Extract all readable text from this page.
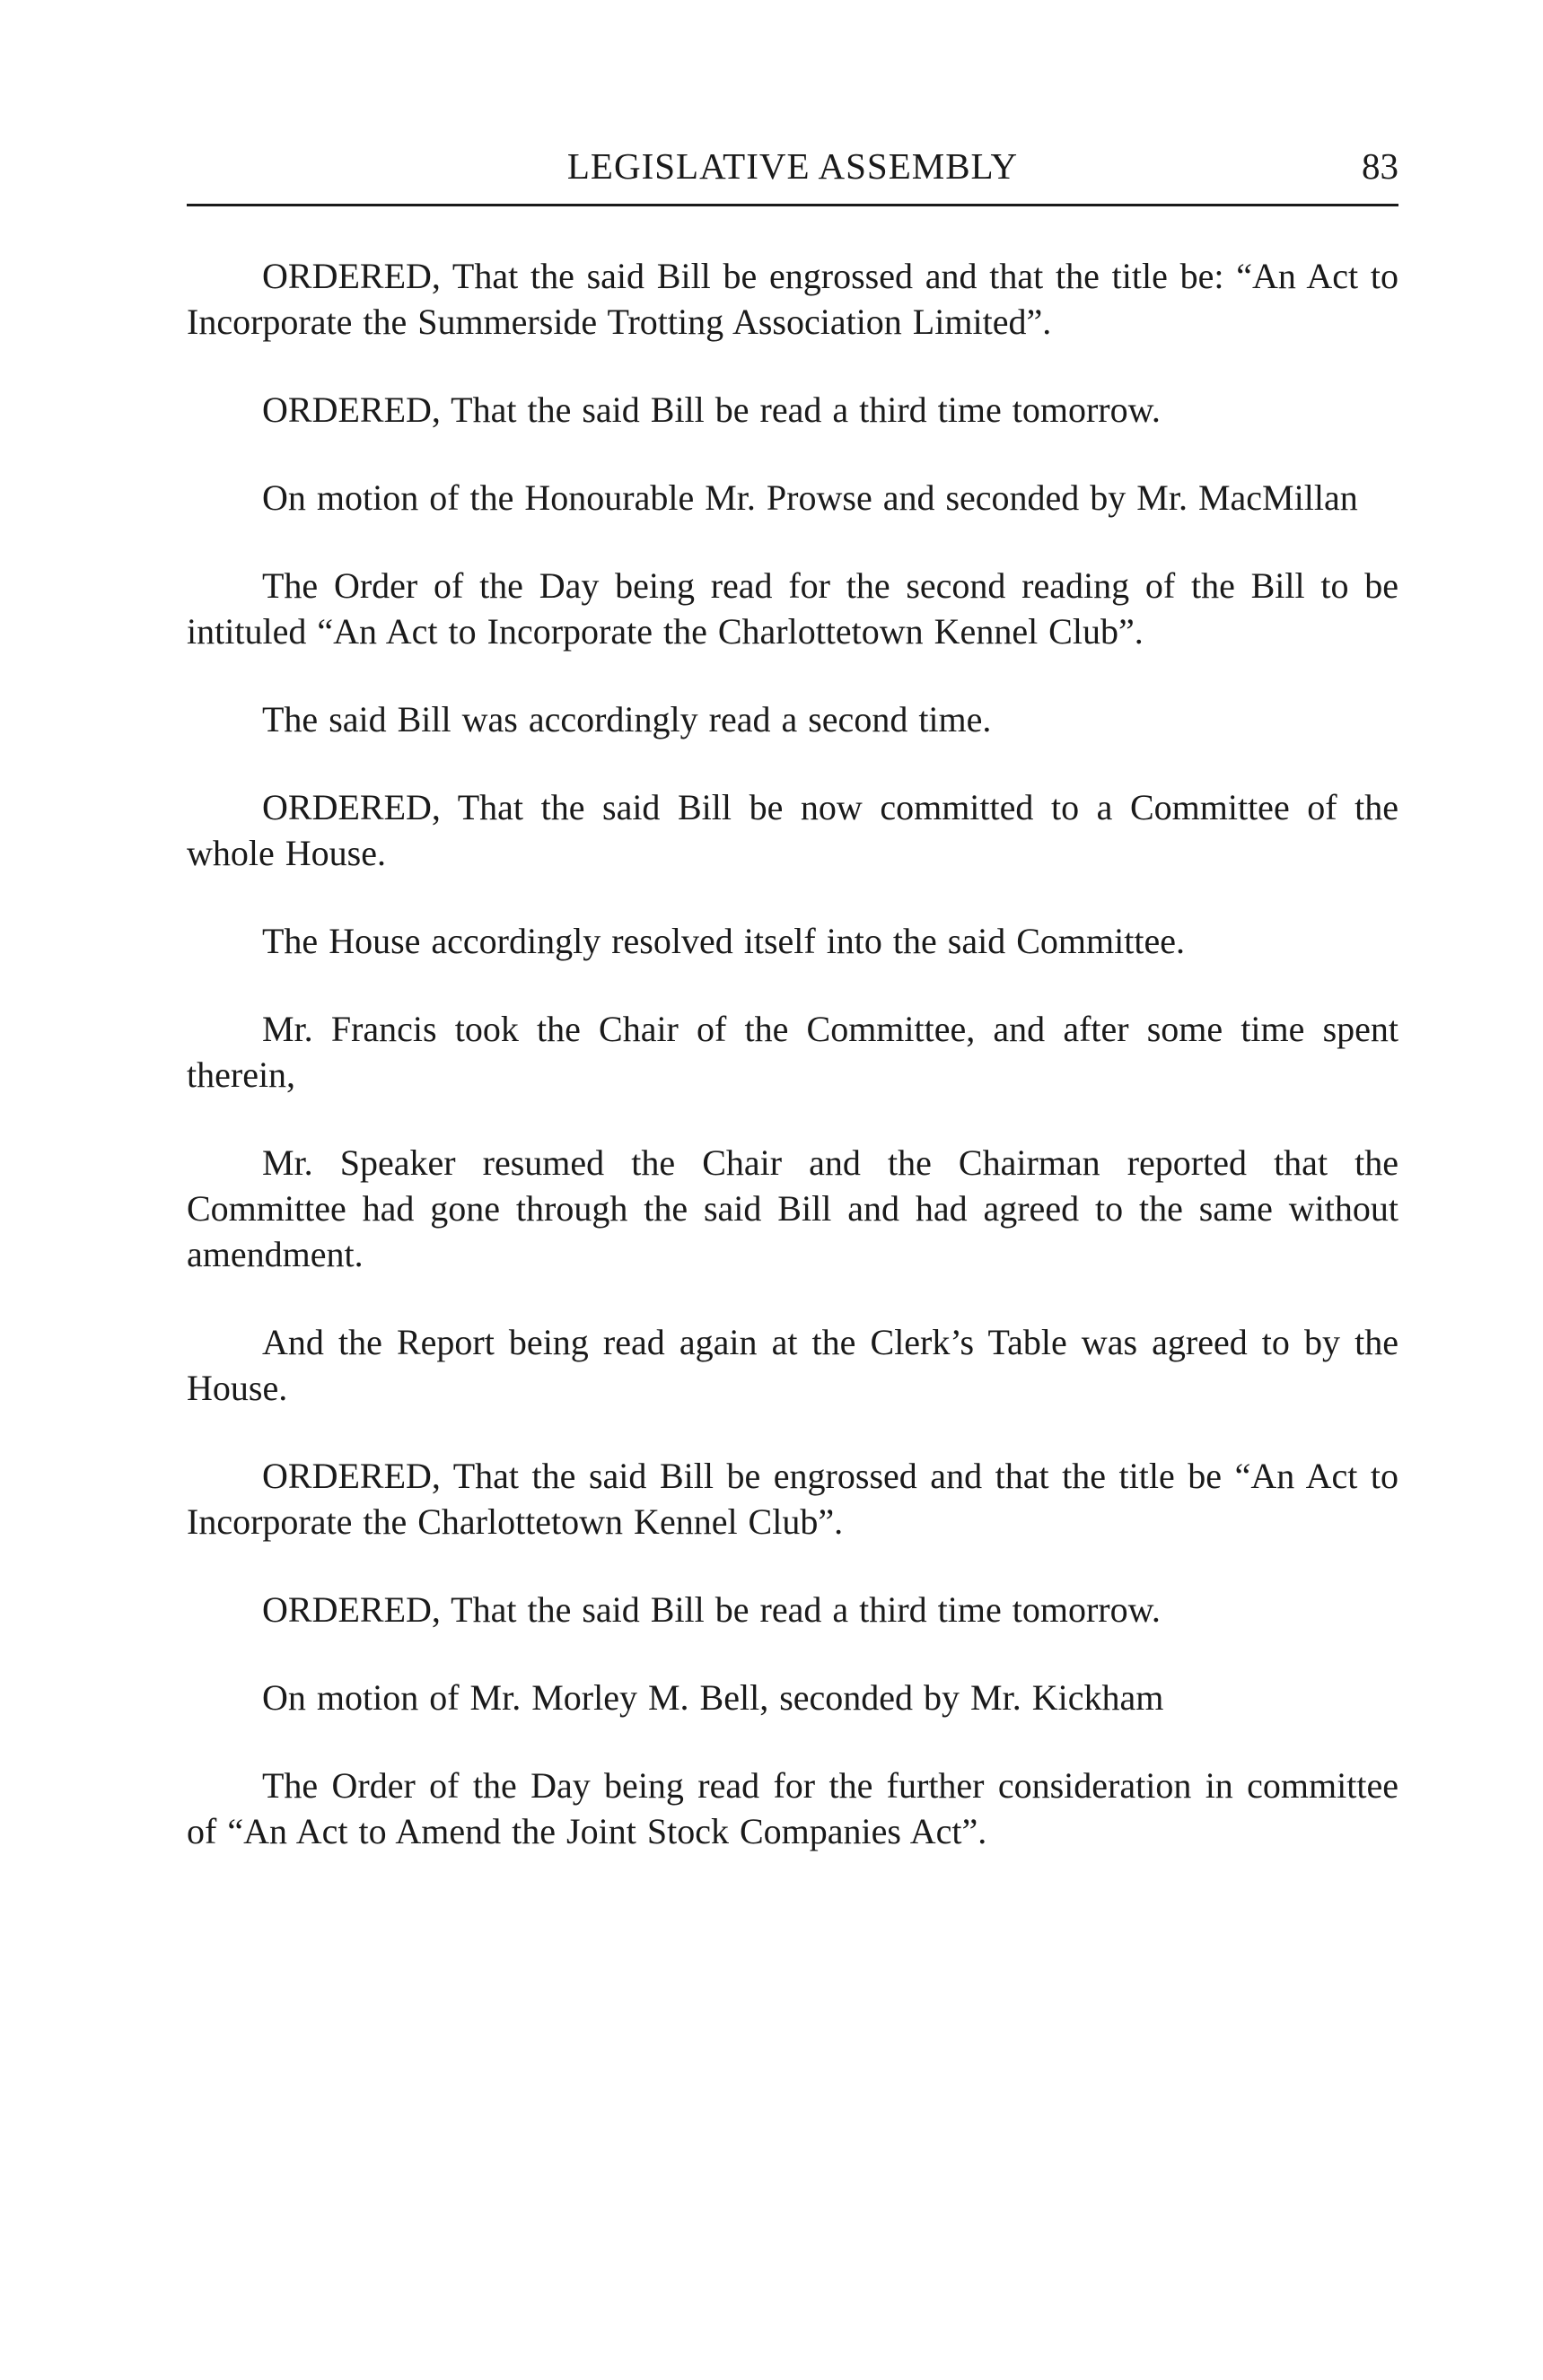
LEGISLATIVE ASSEMBLY	83

ORDERED, That the said Bill be engrossed and that the title be: “An Act to Incorporate the Summerside Trotting Association Limited”.

ORDERED, That the said Bill be read a third time tomorrow.

On motion of the Honourable Mr. Prowse and seconded by Mr. MacMillan

The Order of the Day being read for the second reading of the Bill to be intituled “An Act to Incorporate the Charlottetown Kennel Club”.

The said Bill was accordingly read a second time.

ORDERED, That the said Bill be now committed to a Committee of the whole House.

The House accordingly resolved itself into the said Committee.

Mr. Francis took the Chair of the Committee, and after some time spent therein,

Mr. Speaker resumed the Chair and the Chairman reported that the Committee had gone through the said Bill and had agreed to the same without amendment.

And the Report being read again at the Clerk’s Table was agreed to by the House.

ORDERED, That the said Bill be engrossed and that the title be “An Act to Incorporate the Charlottetown Kennel Club”.

ORDERED, That the said Bill be read a third time tomorrow.

On motion of Mr. Morley M. Bell, seconded by Mr. Kickham

The Order of the Day being read for the further consideration in committee of “An Act to Amend the Joint Stock Companies Act”.
